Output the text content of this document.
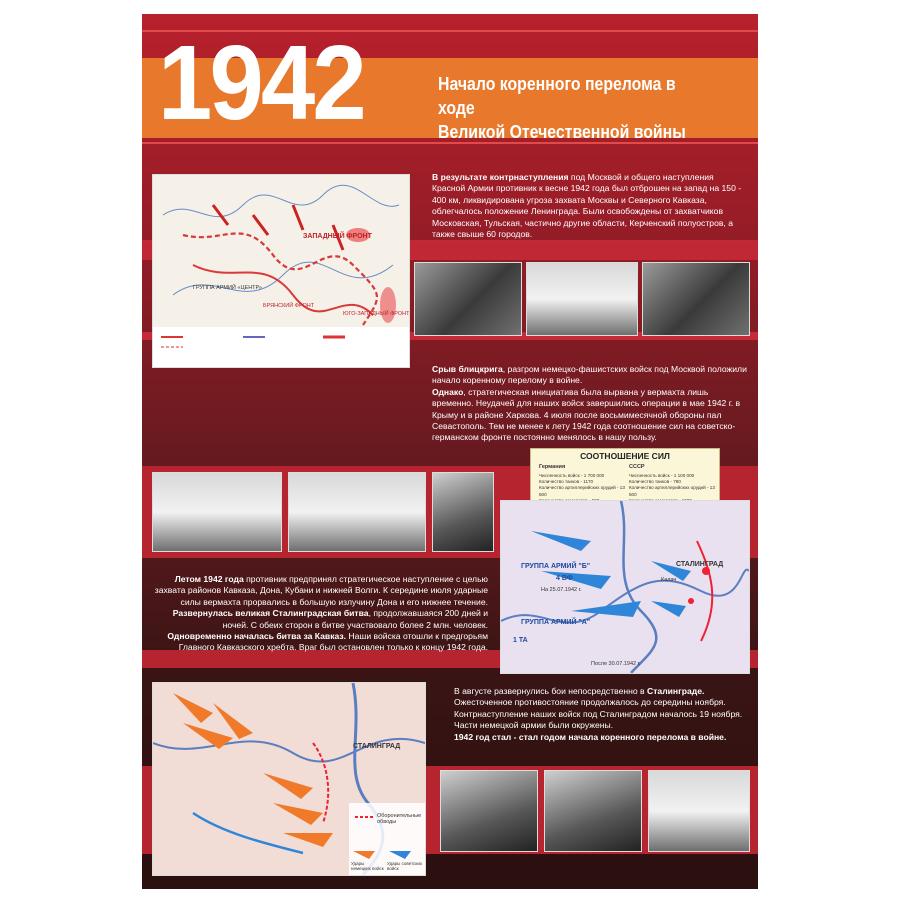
1942	Начало коренного перелома в ходе
Великой Отечественной войны
ЗАПАДНЫЙ ФРОНТ
ГРУППА АРМИЙ «ЦЕНТР»
БРЯНСКИЙ ФРОНТ
ЮГО-ЗАПАДНЫЙ ФРОНТ
В результате контрнаступления под Москвой и общего наступления Красной Армии противник к весне 1942 года был отброшен на запад на 150 - 400 км, ликвидирована угроза захвата Москвы и Северного Кавказа, облегчалось положение Ленинграда. Были освобождены от захватчиков Московская, Тульская, частично другие области, Керченский полуостров, а также свыше 60 городов.
Срыв блицкрига, разгром немецко-фашистских войск под Москвой положили начало коренному перелому в войне.
Однако, стратегическая инициатива была вырвана у вермахта лишь временно. Неудачей для наших войск завершились операции в мае 1942 г. в Крыму и в районе Харкова. 4 июля после восьмимесячной обороны пал Севастополь. Тем не менее к лету 1942 года соотношение сил на советско-германском фронте постоянно менялось в нашу пользу.
СООТНОШЕНИЕ СИЛ
Германия	СССР
Численность войск - 1 700 000
Количество танков - 1170
Количество артиллерийских орудий - 13 500

Численность войск - 1 100 000
Количество танков - 780
Количество артиллерийских орудий - 13 500

СТАЛИНГРАД
ГРУППА АРМИЙ "Б"
ГРУППА АРМИЙ "А"
4 ВФ
1 ТА
Калач
На 25.07.1942 г.
После 30.07.1942 г.
Летом 1942 года противник предпринял стратегическое наступление с целью захвата районов Кавказа, Дона, Кубани и нижней Волги. К середине июля ударные силы вермахта прорвались в большую излучину Дона и его нижнее течение.
Развернулась великая Сталинградская битва, продолжавшаяся 200 дней и ночей. С обеих сторон в битве участвовало более 2 млн. человек.
Одновременно началась битва за Кавказ. Наши войска отошли к предгорьям Главного Кавказского хребта. Враг был остановлен только к концу 1942 года.
СТАЛИНГРАД
Оборонительные обводы
Удары немецких войск
Удары советских войск
В августе развернулись бои непосредственно в Сталинграде. Ожесточенное противостояние продолжалось до середины ноября. Контрнаступление наших войск под Сталинградом началось 19 ноября. Части немецкой армии были окружены.
1942 год стал - стал годом начала коренного перелома в войне.
